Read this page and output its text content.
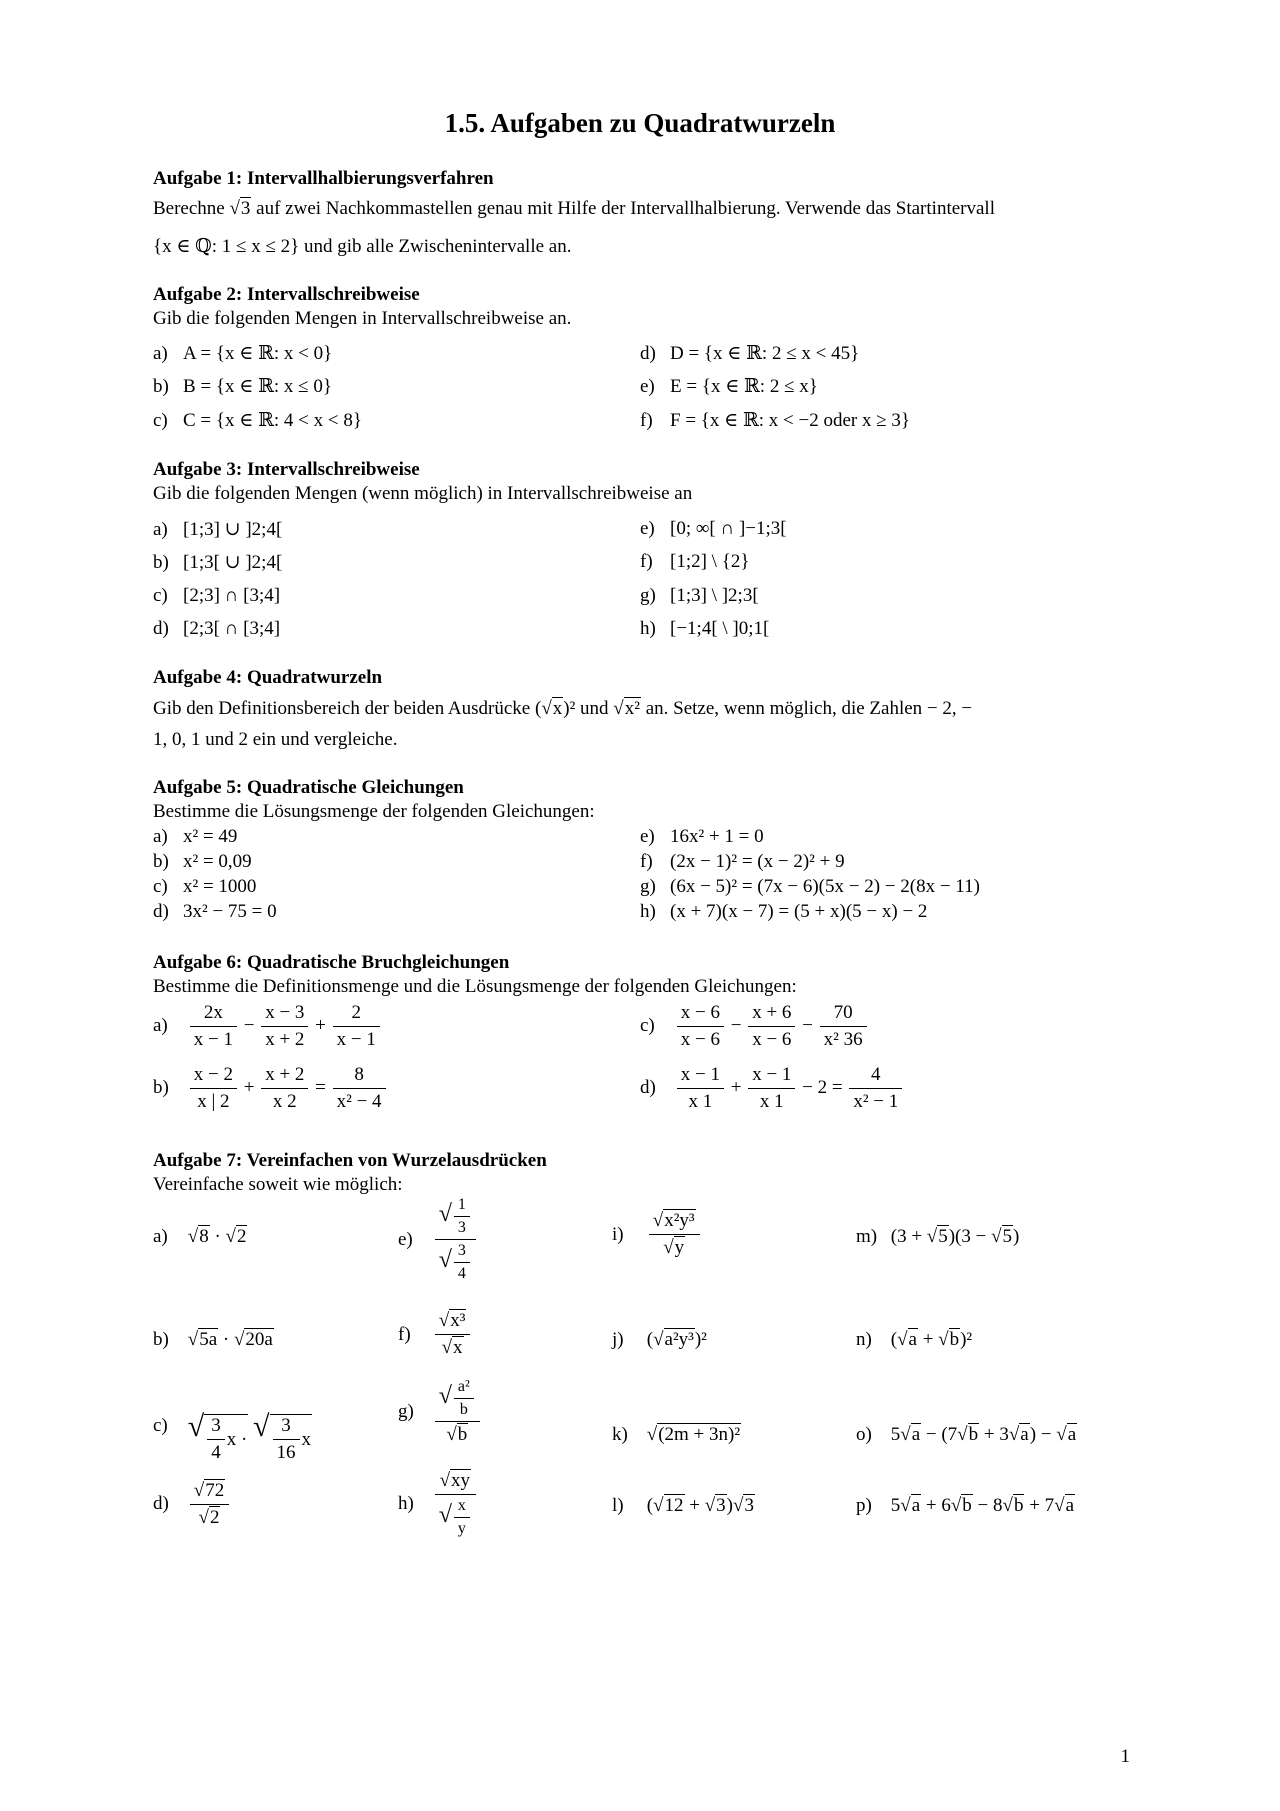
1.5. Aufgaben zu Quadratwurzeln
Aufgabe 1: Intervallhalbierungsverfahren
Berechne √3 auf zwei Nachkommastellen genau mit Hilfe der Intervallhalbierung. Verwende das Startintervall
{x ∈ ℚ: 1 ≤ x ≤ 2} und gib alle Zwischenintervalle an.
Aufgabe 2: Intervallschreibweise
Gib die folgenden Mengen in Intervallschreibweise an.
a) A = {x ∈ ℝ: x < 0}
b) B = {x ∈ ℝ: x ≤ 0}
c) C = {x ∈ ℝ: 4 < x < 8}
d) D = {x ∈ ℝ: 2 ≤ x < 45}
e) E = {x ∈ ℝ: 2 ≤ x}
f) F = {x ∈ ℝ: x < −2 oder x ≥ 3}
Aufgabe 3: Intervallschreibweise
Gib die folgenden Mengen (wenn möglich) in Intervallschreibweise an
a) [1;3] ∪ ]2;4[
b) [1;3[ ∪ ]2;4[
c) [2;3] ∩ [3;4]
d) [2;3[ ∩ [3;4]
e) [0; ∞[ ∩ ]−1;3[
f) [1;2] \ {2}
g) [1;3] \ ]2;3[
h) [−1;4[ \ ]0;1[
Aufgabe 4: Quadratwurzeln
Gib den Definitionsbereich der beiden Ausdrücke (√x)² und √x² an. Setze, wenn möglich, die Zahlen − 2, −
1, 0, 1 und 2 ein und vergleiche.
Aufgabe 5: Quadratische Gleichungen
Bestimme die Lösungsmenge der folgenden Gleichungen:
a) x² = 49
b) x² = 0,09
c) x² = 1000
d) 3x² − 75 = 0
e) 16x² + 1 = 0
f) (2x − 1)² = (x − 2)² + 9
g) (6x − 5)² = (7x − 6)(5x − 2) − 2(8x − 11)
h) (x + 7)(x − 7) = (5 + x)(5 − x) − 2
Aufgabe 6: Quadratische Bruchgleichungen
Bestimme die Definitionsmenge und die Lösungsmenge der folgenden Gleichungen:
$a) \frac{2x}{x - 1} - \frac{x - 3}{x + 2} + \frac{2}{x - 1}$
$b) \frac{x - 2}{x | 2} + \frac{x + 2}{x 2} = \frac{8}{\text{x² − 4}}$
$c) \frac{x - 6}{x - 6} - \frac{x + 6}{x - 6} - \frac{70}{\text{x² 36}}$
$d) \frac{x - 1}{x 1} + \frac{x - 1}{x 1} - 2 = \frac{4}{\text{x² − 1}}$
Aufgabe 7: Vereinfachen von Wurzelausdrücken
Vereinfache soweit wie möglich:
a) √8 · √2
b) √5a · √20a
c) √ $\frac{3}{4}$ x · √ $\frac{3}{16}$ x
$d) \frac{√72}{√2}$
$e) \frac{√ \frac{1}{3}}{√ \frac{3}{4}}$
$f) \frac{\text{√x³}}{√x}$
$g) \frac{√ \frac{\text{a²}}{b}}{√b}$
$h) \frac{√xy}{√ \frac{x}{y}}$
$i) \frac{\text{√x²y³}}{√y}$
j) (√a²y³)²
k) √(2m + 3n)²
l) (√12 + √3)√3
m) (3 + √5)(3 − √5)
n) (√a + √b)²
o) 5√a − (7√b + 3√a) − √a
p) 5√a + 6√b − 8√b + 7√a
1
